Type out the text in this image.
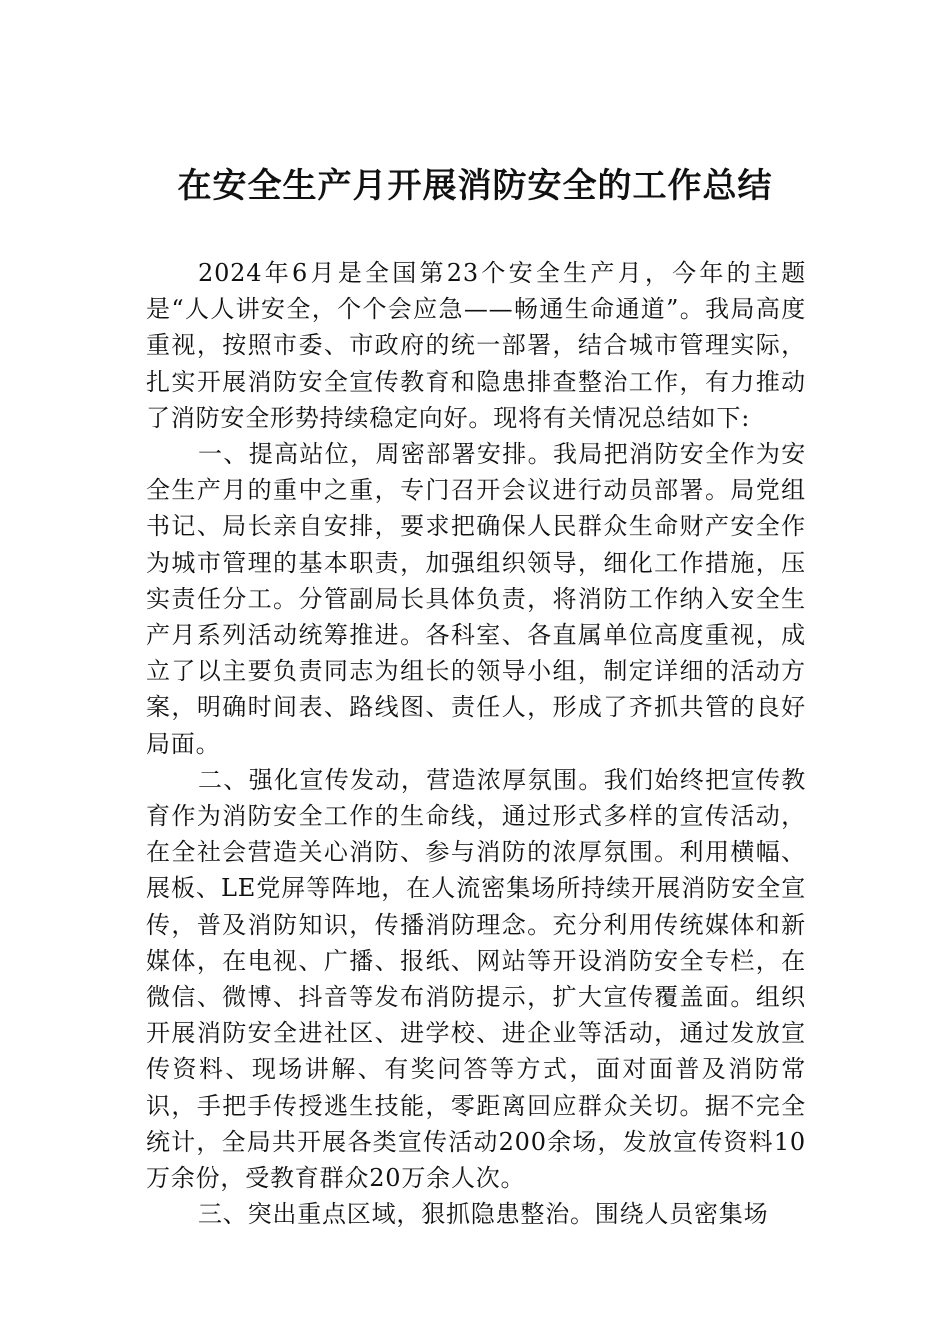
在安全生产月开展消防安全的工作总结

2024年6月是全国第23个安全生产月，今年的主题是“人人讲安全，个个会应急——畅通生命通道”。我局高度重视，按照市委、市政府的统一部署，结合城市管理实际，扎实开展消防安全宣传教育和隐患排查整治工作，有力推动了消防安全形势持续稳定向好。现将有关情况总结如下:

一、提高站位，周密部署安排。我局把消防安全作为安全生产月的重中之重，专门召开会议进行动员部署。局党组书记、局长亲自安排，要求把确保人民群众生命财产安全作为城市管理的基本职责，加强组织领导，细化工作措施，压实责任分工。分管副局长具体负责，将消防工作纳入安全生产月系列活动统筹推进。各科室、各直属单位高度重视，成立了以主要负责同志为组长的领导小组，制定详细的活动方案，明确时间表、路线图、责任人，形成了齐抓共管的良好局面。

二、强化宣传发动，营造浓厚氛围。我们始终把宣传教育作为消防安全工作的生命线，通过形式多样的宣传活动，在全社会营造关心消防、参与消防的浓厚氛围。利用横幅、展板、LE党屏等阵地，在人流密集场所持续开展消防安全宣传，普及消防知识，传播消防理念。充分利用传统媒体和新媒体，在电视、广播、报纸、网站等开设消防安全专栏，在微信、微博、抖音等发布消防提示，扩大宣传覆盖面。组织开展消防安全进社区、进学校、进企业等活动，通过发放宣传资料、现场讲解、有奖问答等方式，面对面普及消防常识，手把手传授逃生技能，零距离回应群众关切。据不完全统计，全局共开展各类宣传活动200余场，发放宣传资料10万余份，受教育群众20万余人次。

三、突出重点区域，狠抓隐患整治。围绕人员密集场
